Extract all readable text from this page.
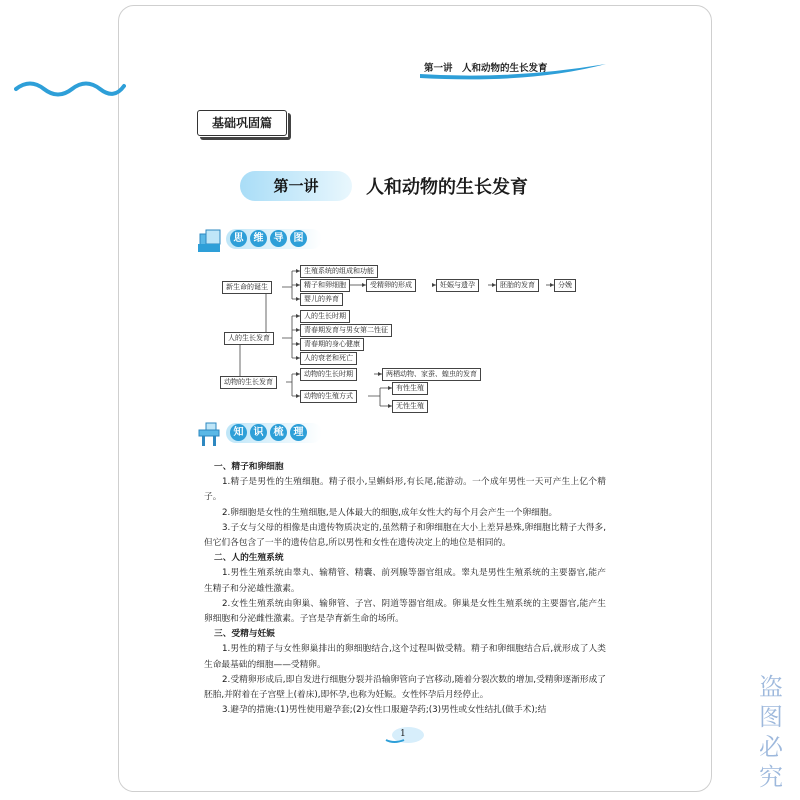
盗图必究
第一讲　人和动物的生长发育
基础巩固篇
第一讲	人和动物的生长发育
思	维	导	图
新生命的诞生
生殖系统的组成和功能
精子和卵细胞
婴儿的养育
受精卵的形成	妊娠与遗孕	胚胎的发育	分娩
人的生长发育
人的生长时期
青春期发育与男女第二性征
青春期的身心健康
人的衰老和死亡
动物的生长发育
动物的生长时期
动物的生殖方式
两栖动物、家蚕、蝗虫的发育
有性生殖
无性生殖
知	识	梳	理
一、精子和卵细胞

1.精子是男性的生殖细胞。精子很小,呈蝌蚪形,有长尾,能游动。一个成年男性一天可产生上亿个精子。

2.卵细胞是女性的生殖细胞,是人体最大的细胞,成年女性大约每个月会产生一个卵细胞。

3.子女与父母的相像是由遗传物质决定的,虽然精子和卵细胞在大小上差异悬殊,卵细胞比精子大得多,但它们各包含了一半的遗传信息,所以男性和女性在遗传决定上的地位是相同的。

二、人的生殖系统

1.男性生殖系统由睾丸、输精管、精囊、前列腺等器官组成。睾丸是男性生殖系统的主要器官,能产生精子和分泌雄性激素。

2.女性生殖系统由卵巢、输卵管、子宫、阴道等器官组成。卵巢是女性生殖系统的主要器官,能产生卵细胞和分泌雌性激素。子宫是孕育新生命的场所。

三、受精与妊娠

1.男性的精子与女性卵巢排出的卵细胞结合,这个过程叫做受精。精子和卵细胞结合后,就形成了人类生命最基础的细胞——受精卵。

2.受精卵形成后,即自发进行细胞分裂并沿输卵管向子宫移动,随着分裂次数的增加,受精卵逐渐形成了胚胎,并附着在子宫壁上(着床),即怀孕,也称为妊娠。女性怀孕后月经停止。

3.避孕的措施:(1)男性使用避孕套;(2)女性口服避孕药;(3)男性或女性结扎(做手术);结

1
